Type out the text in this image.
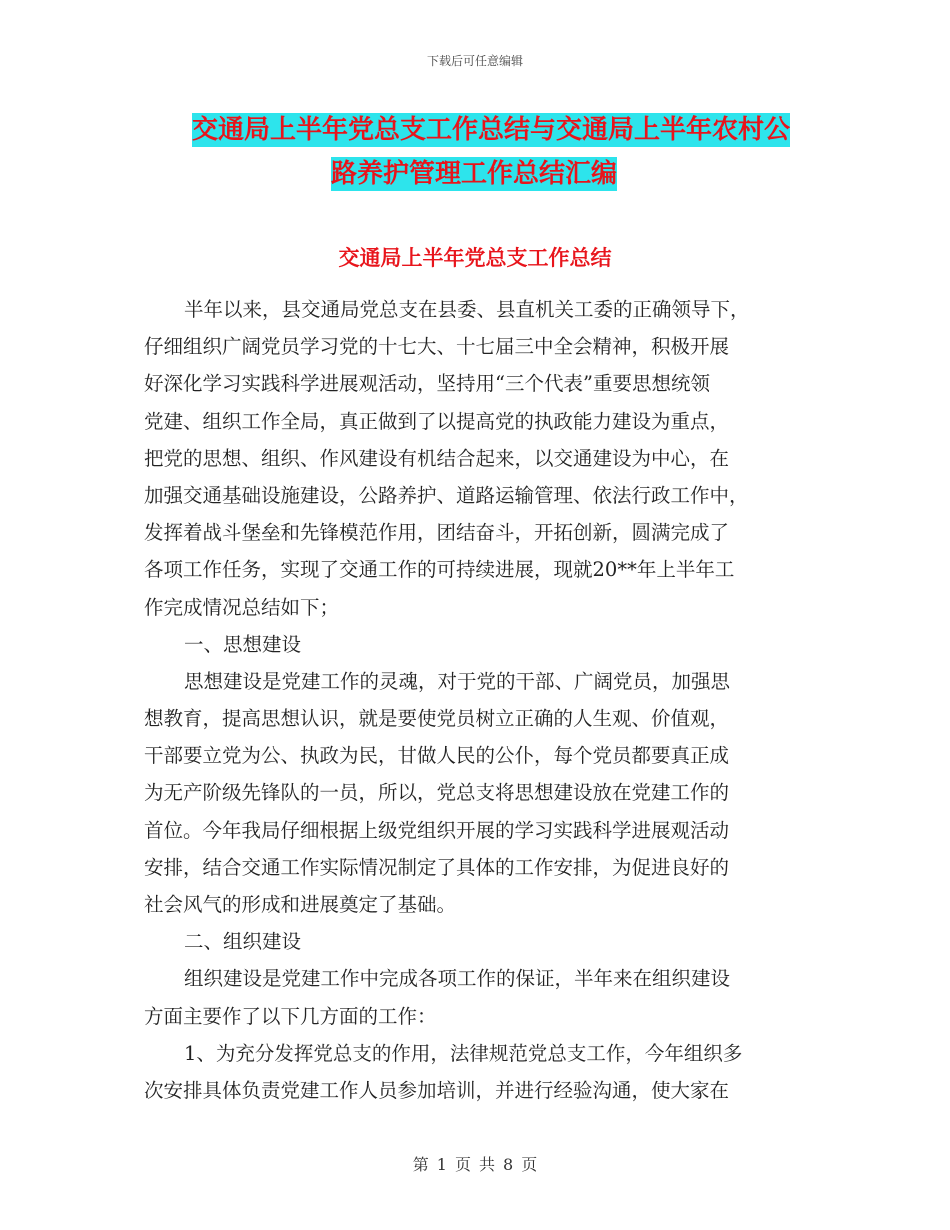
下载后可任意编辑
交通局上半年党总支工作总结与交通局上半年农村公
路养护管理工作总结汇编
交通局上半年党总支工作总结
半年以来，县交通局党总支在县委、县直机关工委的正确领导下，
仔细组织广阔党员学习党的十七大、十七届三中全会精神，积极开展
好深化学习实践科学进展观活动，坚持用“三个代表”重要思想统领
党建、组织工作全局，真正做到了以提高党的执政能力建设为重点，
把党的思想、组织、作风建设有机结合起来，以交通建设为中心，在
加强交通基础设施建设，公路养护、道路运输管理、依法行政工作中，
发挥着战斗堡垒和先锋模范作用，团结奋斗，开拓创新，圆满完成了
各项工作任务，实现了交通工作的可持续进展，现就20**年上半年工
作完成情况总结如下；
一、思想建设
思想建设是党建工作的灵魂，对于党的干部、广阔党员，加强思
想教育，提高思想认识，就是要使党员树立正确的人生观、价值观，
干部要立党为公、执政为民，甘做人民的公仆，每个党员都要真正成
为无产阶级先锋队的一员，所以，党总支将思想建设放在党建工作的
首位。今年我局仔细根据上级党组织开展的学习实践科学进展观活动
安排，结合交通工作实际情况制定了具体的工作安排，为促进良好的
社会风气的形成和进展奠定了基础。
二、组织建设
组织建设是党建工作中完成各项工作的保证，半年来在组织建设
方面主要作了以下几方面的工作：
1、为充分发挥党总支的作用，法律规范党总支工作，今年组织多
次安排具体负责党建工作人员参加培训，并进行经验沟通，使大家在
第 1 页 共 8 页
